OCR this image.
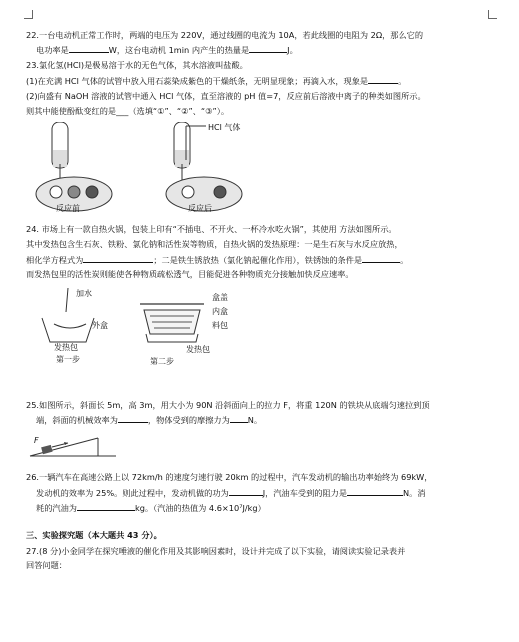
22.一台电动机正常工作时，两端的电压为 220V，通过线圈的电流为 10A，若此线圈的电阻为 2Ω，那么它的
电功率是	W，这台电动机 1min 内产生的热量是	J。
23.氯化氢(HCl)是极易溶于水的无色气体，其水溶液叫盐酸。
(1)在充满 HCl 气体的试管中放入用石蕊染成紫色的干燥纸条，无明显现象；再滴入水，现象是	。
(2)向盛有 NaOH 溶液的试管中通入 HCl 气体，直至溶液的 pH 值=7，反应前后溶液中离子的种类如图所示。
则其中能使酚酞变红的是___（选填“①”、“②”、“③”）。
HCl 气体
反应前	反应后
24. 市场上有一款自热火锅，包装上印有“不插电、不开火、一杯冷水吃火锅”，其使用 方法如图所示。
其中发热包含生石灰、铁粉、氯化钠和活性炭等物质，自热火锅的发热原理：一是生石灰与水反应放热，
相化学方程式为	；二是铁生锈放热（氯化钠起催化作用），铁锈蚀的条件是	。
而发热包里的活性炭则能使各种物质疏松透气，目能促进各种物质充分接触加快反应速率。
加水
外盒
发热包
第一步
盒盖
内盒
料包
发热包
第二步
25.如图所示，斜面长 5m，高 3m，用大小为 90N 沿斜面向上的拉力 F，将重 120N 的铁块从底端匀速拉到顶
端，斜面的机械效率为	，物体受到的摩擦力为 N。
F
26.一辆汽车在高速公路上以 72km/h 的速度匀速行驶 20km 的过程中，汽车发动机的输出功率始终为 69kW，
发动机的效率为 25%。则此过程中，发动机做的功为	J，汽油车受到的阻力是	N。消
耗的汽油为	kg。（汽油的热值为 4.6×10⁷J/kg）
三、实验探究题（本大题共 43 分）。
27.(8 分)小金同学在探究唾液的催化作用及其影响因素时，设计并完成了以下实验，请阅读实验记录表并
回答问题：
